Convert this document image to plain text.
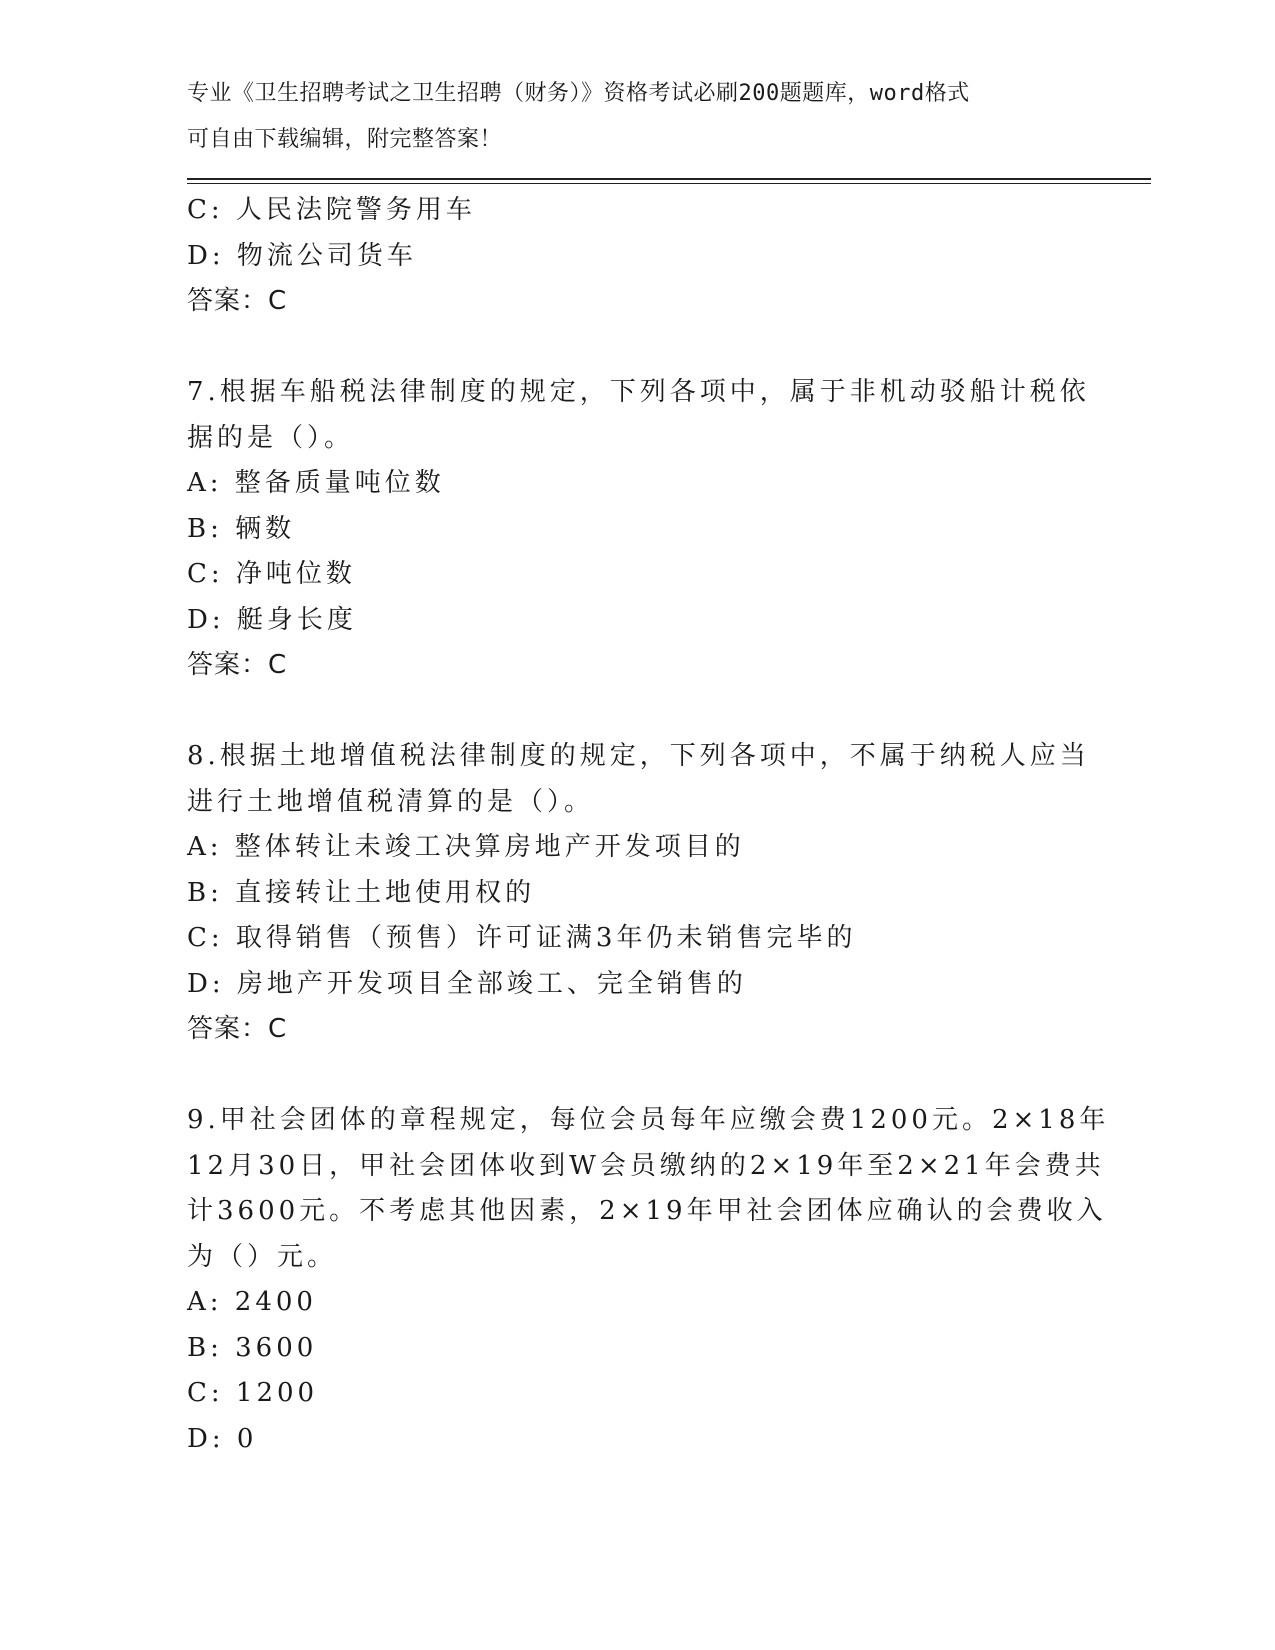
专业《卫生招聘考试之卫生招聘（财务）》资格考试必刷200题题库，word格式
可自由下载编辑，附完整答案！
C: 人民法院警务用车
D: 物流公司货车
答案：C
7.根据车船税法律制度的规定，下列各项中，属于非机动驳船计税依
据的是（）。
A: 整备质量吨位数
B: 辆数
C: 净吨位数
D: 艇身长度
答案：C
8.根据土地增值税法律制度的规定，下列各项中，不属于纳税人应当
进行土地增值税清算的是（）。
A: 整体转让未竣工决算房地产开发项目的
B: 直接转让土地使用权的
C: 取得销售（预售）许可证满3年仍未销售完毕的
D: 房地产开发项目全部竣工、完全销售的
答案：C
9.甲社会团体的章程规定，每位会员每年应缴会费1200元。2×18年
12月30日，甲社会团体收到W会员缴纳的2×19年至2×21年会费共
计3600元。不考虑其他因素，2×19年甲社会团体应确认的会费收入
为（）元。
A: 2400
B: 3600
C: 1200
D: 0
